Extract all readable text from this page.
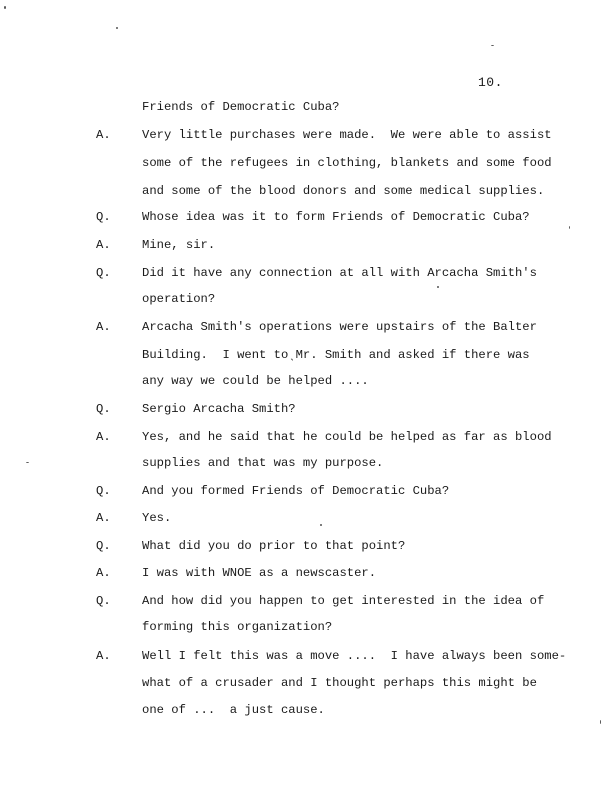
10.

Friends of Democratic Cuba?

A.

	Very little purchases were made.  We were able to assist

some of the refugees in clothing, blankets and some food

and some of the blood donors and some medical supplies.

Q.

	Whose idea was it to form Friends of Democratic Cuba?

A.

	Mine, sir.

Q.

	Did it have any connection at all with Arcacha Smith's

operation?

A.

	Arcacha Smith's operations were upstairs of the Balter

Building.  I went toˎMr. Smith and asked if there was

any way we could be helped ....

Q.

	Sergio Arcacha Smith?

A.

	Yes, and he said that he could be helped as far as blood

supplies and that was my purpose.

Q.

	And you formed Friends of Democratic Cuba?

A.

	Yes.

Q.

	What did you do prior to that point?

A.

	I was with WNOE as a newscaster.

Q.

	And how did you happen to get interested in the idea of

forming this organization?

A.

	Well I felt this was a move ....  I have always been some-

what of a crusader and I thought perhaps this might be

one of ...  a just cause.
